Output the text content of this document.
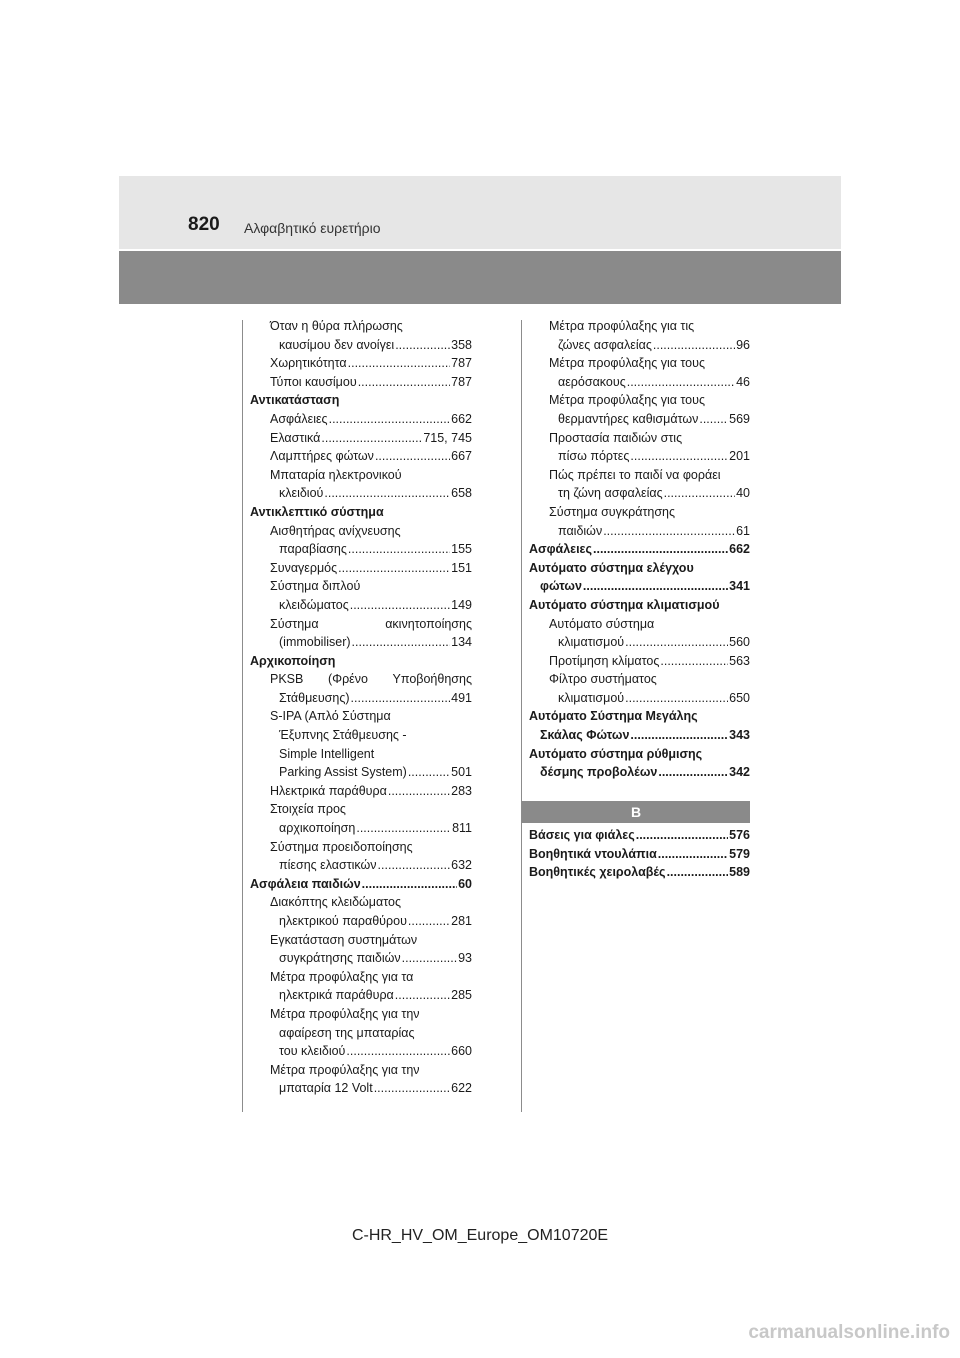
820 Αλφαβητικό ευρετήριο
Όταν η θύρα πλήρωσης
καυσίμου δεν ανοίγει .....	358
Χωρητικότητα .....	787
Τύποι καυσίμου .....	787
Αντικατάσταση
Ασφάλειες .....	662
Ελαστικά .....	715, 745
Λαμπτήρες φώτων .....	667
Μπαταρία ηλεκτρονικού
κλειδιού .....	658
Αντικλεπτικό σύστημα
Αισθητήρας ανίχνευσης
παραβίασης .....	155
Συναγερμός .....	151
Σύστημα διπλού
κλειδώματος .....	149
Σύστημα	ακινητοποίησης
(immobiliser) .....	134
Αρχικοποίηση
PKSB (Φρένο Υποβοήθησης
Στάθμευσης) .....	491
S-IPA (Απλό Σύστημα
Έξυπνης Στάθμευσης -
Simple Intelligent
Parking Assist System) .....	501
Ηλεκτρικά παράθυρα .....	283
Στοιχεία προς
αρχικοποίηση .....	811
Σύστημα προειδοποίησης
πίεσης ελαστικών .....	632
Ασφάλεια παιδιών .....	60
Διακόπτης κλειδώματος
ηλεκτρικού παραθύρου .....	281
Εγκατάσταση συστημάτων
συγκράτησης παιδιών .....	93
Μέτρα προφύλαξης για τα
ηλεκτρικά παράθυρα .....	285
Μέτρα προφύλαξης για την
αφαίρεση της μπαταρίας
του κλειδιού .....	660
Μέτρα προφύλαξης για την
μπαταρία 12 Volt .....	622
Μέτρα προφύλαξης για τις
ζώνες ασφαλείας .....	96
Μέτρα προφύλαξης για τους
αερόσακους .....	46
Μέτρα προφύλαξης για τους
θερμαντήρες καθισμάτων ..... 569
Προστασία παιδιών στις
πίσω πόρτες .....	201
Πώς πρέπει το παιδί να φοράει
τη ζώνη ασφαλείας .....	40
Σύστημα συγκράτησης
παιδιών .....	61
Ασφάλειες .....	662
Αυτόματο σύστημα ελέγχου
φώτων .....	341
Αυτόματο σύστημα κλιματισμού
Αυτόματο σύστημα
κλιματισμού .....	560
Προτίμηση κλίματος .....	563
Φίλτρο συστήματος
κλιματισμού .....	650
Αυτόματο Σύστημα Μεγάλης
Σκάλας Φώτων .....	343
Αυτόματο σύστημα ρύθμισης
δέσμης προβολέων .....	342
B
Βάσεις για φιάλες .....	576
Βοηθητικά ντουλάπια .....	579
Βοηθητικές χειρολαβές .....	589
C-HR_HV_OM_Europe_OM10720E
carmanualsonline.info
